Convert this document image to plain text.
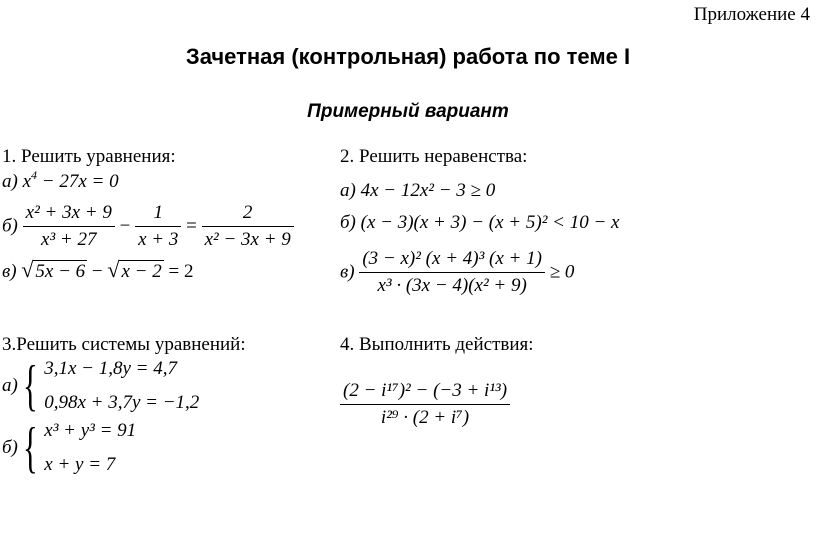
Приложение 4
Зачетная (контрольная) работа по теме I
Примерный вариант
1. Решить уравнения:
а) $x^4 - 27x = 0$
$б) \frac{\text{x² + 3x + 9}}{\text{x³ + 27}} - \frac{1}{x + 3} = \frac{2}{\text{x² − 3x + 9}}$
в) √ 5x − 6 − √ x − 2 = 2
2. Решить неравенства:
а) 4x − 12x² − 3 ≥ 0
б) (x − 3)(x + 3) − (x + 5)² < 10 − x
$в) \frac{\text{(3 − x)² (x + 4)³ (x + 1)}}{\text{x³ · (3x − 4)(x² + 9)}} \ge 0$
3.Решить системы уравнений:
а) { 3,1x − 1,8y = 4,7
0,98x + 3,7y = −1,2
б) { x³ + y³ = 91
x + y = 7
4. Выполнить действия:
$\frac{\text{(2 − i¹⁷)² − (−3 + i¹³)}}{\text{i²⁹ · (2 + i⁷)}}$
